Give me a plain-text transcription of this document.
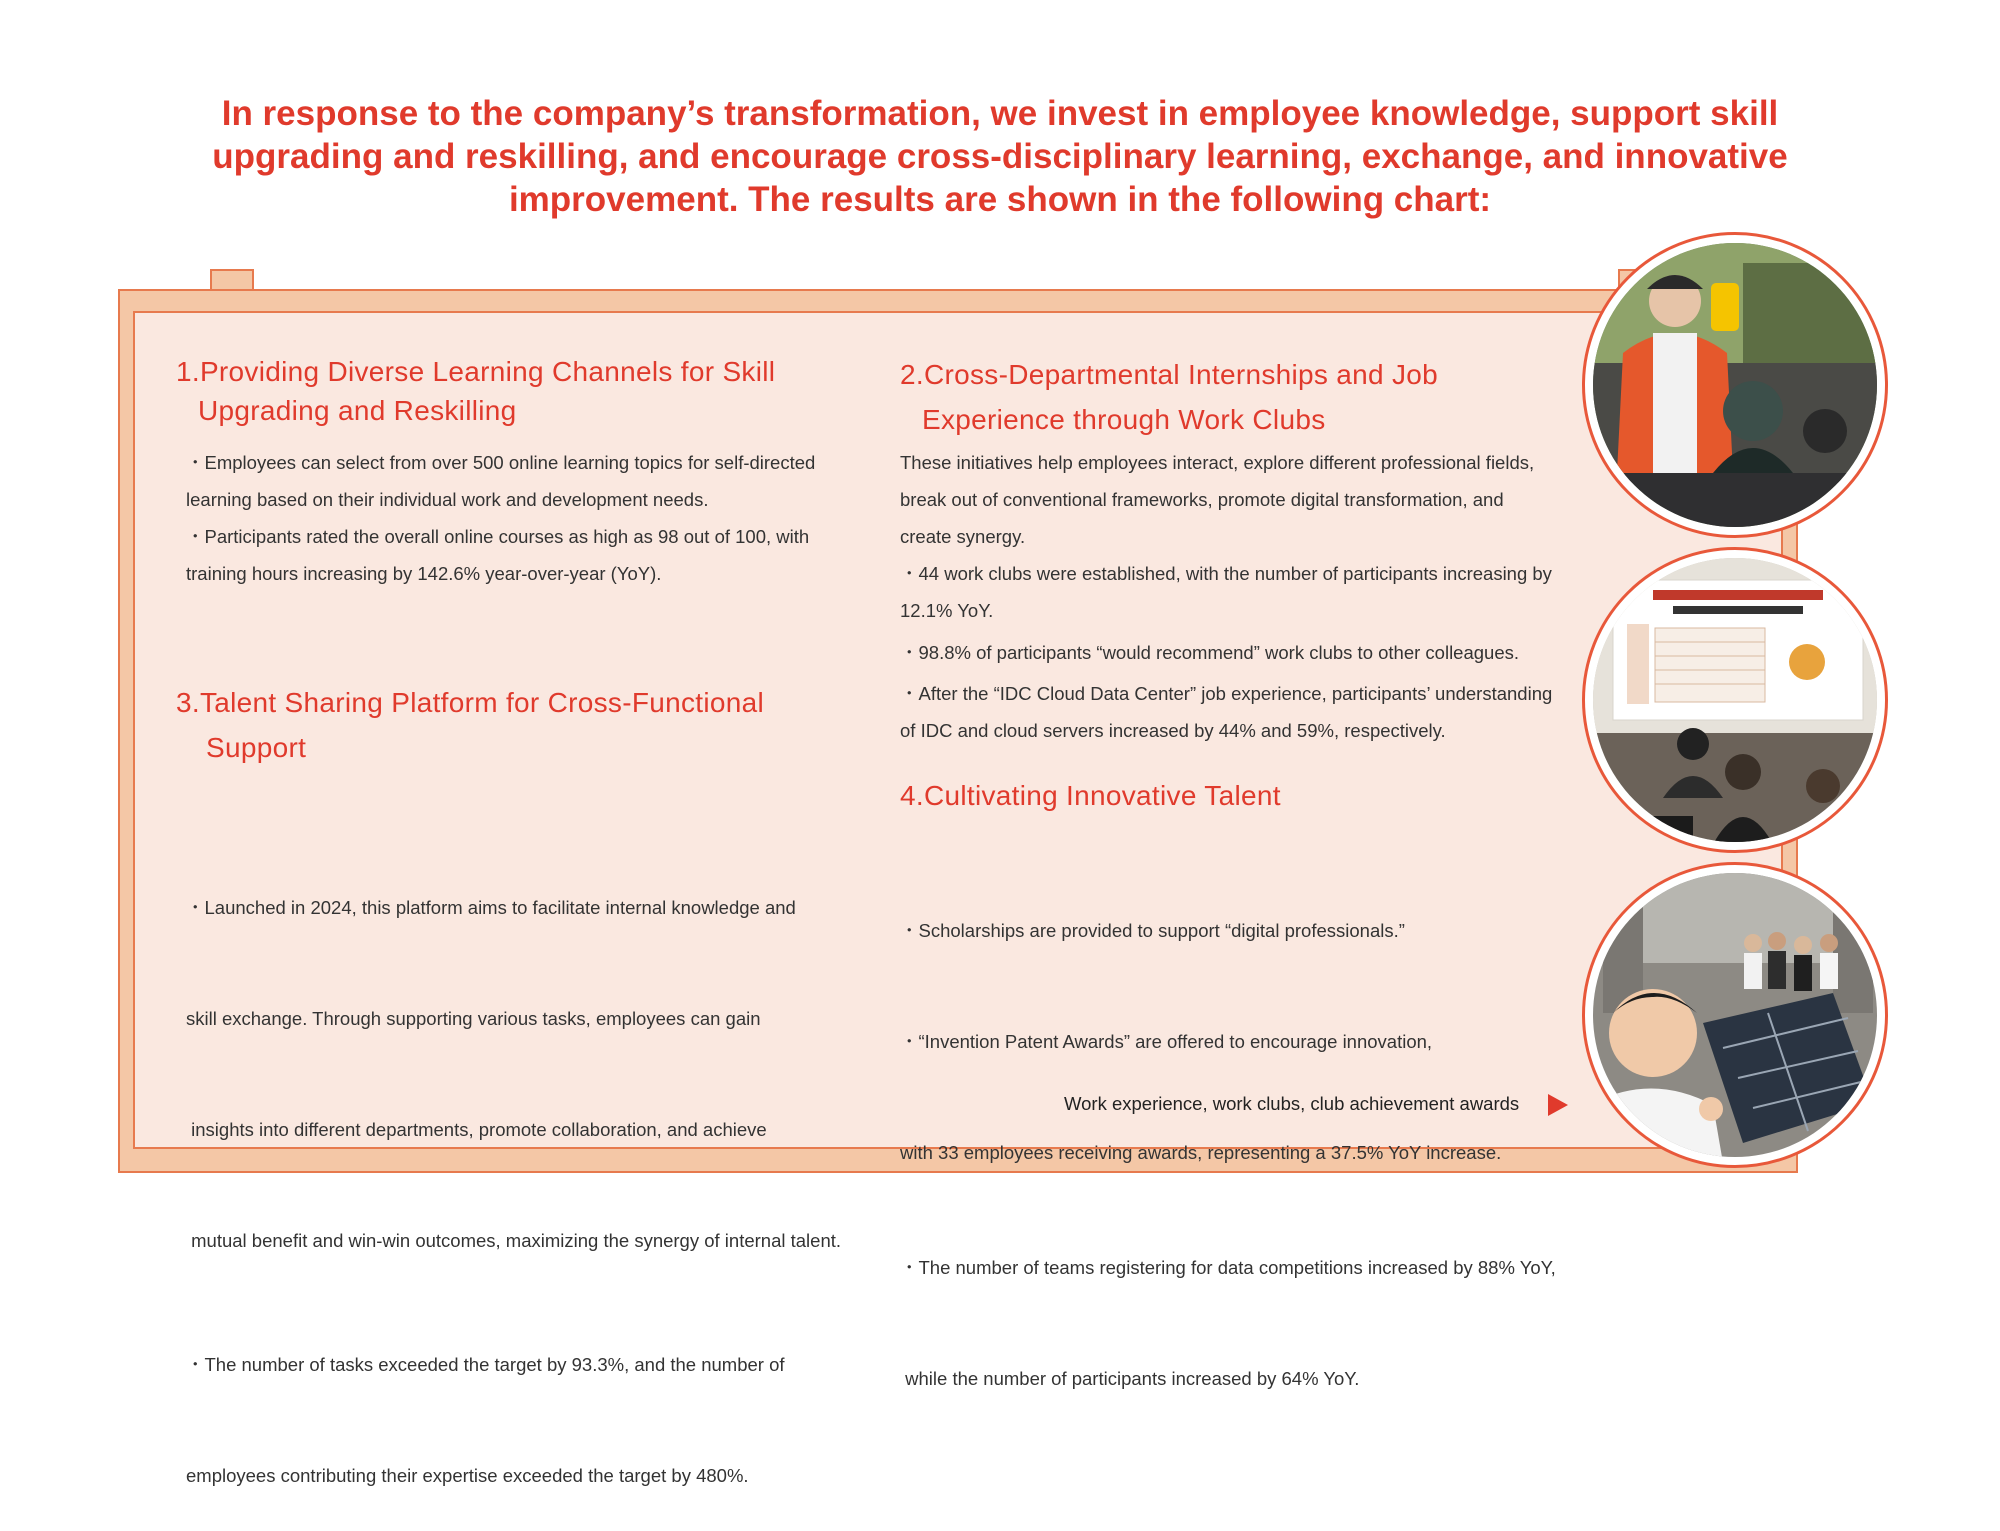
In response to the company’s transformation, we invest in employee knowledge, support skill
upgrading and reskilling, and encourage cross-disciplinary learning, exchange, and innovative
improvement. The results are shown in the following chart:
1.Providing Diverse Learning Channels for Skill
Upgrading and Reskilling

・Employees can select from over 500 online learning topics for self-directed

learning based on their individual work and development needs.

・Participants rated the overall online courses as high as 98 out of 100, with

training hours increasing by 142.6% year-over-year (YoY).

2.Cross-Departmental Internships and Job
Experience through Work Clubs

These initiatives help employees interact, explore different professional fields,

break out of conventional frameworks, promote digital transformation, and

create synergy.

・44 work clubs were established, with the number of participants increasing by

12.1% YoY.

・98.8% of participants “would recommend” work clubs to other colleagues.

・After the “IDC Cloud Data Center” job experience, participants’ understanding

of IDC and cloud servers increased by 44% and 59%, respectively.

3.Talent Sharing Platform for Cross-Functional
Support

・Launched in 2024, this platform aims to facilitate internal knowledge and

skill exchange. Through supporting various tasks, employees can gain

insights into different departments, promote collaboration, and achieve

mutual benefit and win-win outcomes, maximizing the synergy of internal talent.

・The number of tasks exceeded the target by 93.3%, and the number of

employees contributing their expertise exceeded the target by 480%.

4.Cultivating Innovative Talent

・Scholarships are provided to support “digital professionals.”

・“Invention Patent Awards” are offered to encourage innovation,

with 33 employees receiving awards, representing a 37.5% YoY increase.

・The number of teams registering for data competitions increased by 88% YoY,

while the number of participants increased by 64% YoY.

Work experience, work clubs, club achievement awards
